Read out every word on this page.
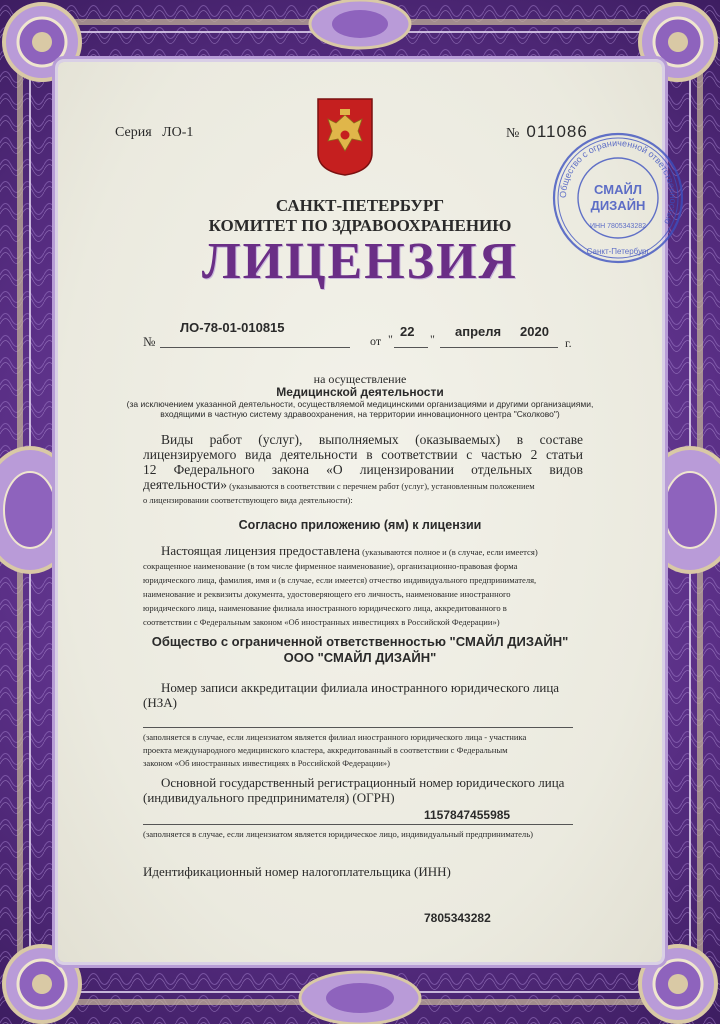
Серия ЛО-1	№ 011086
САНКТ-ПЕТЕРБУРГ
КОМИТЕТ ПО ЗДРАВООХРАНЕНИЮ
ЛИЦЕНЗИЯ
№
ЛО-78-01-010815
от " 22 " апреля 2020
г.
на осуществление
Медицинской деятельности
(за исключением указанной деятельности, осуществляемой медицинскими организациями и другими организациями, входящими в частную систему здравоохранения, на территории инновационного центра "Сколково")
Виды работ (услуг), выполняемых (оказываемых) в составе
лицензируемого вида деятельности в соответствии с частью 2 статьи
12 Федерального закона «О лицензировании отдельных видов
деятельности» (указываются в соответствии с перечнем работ (услуг), установленным положением
о лицензировании соответствующего вида деятельности):
Согласно приложению (ям) к лицензии
Настоящая лицензия предоставлена (указываются полное и (в случае, если имеется)
сокращенное наименование (в том числе фирменное наименование), организационно-правовая форма
юридического лица, фамилия, имя и (в случае, если имеется) отчество индивидуального предпринимателя,
наименование и реквизиты документа, удостоверяющего его личность, наименование иностранного
юридического лица, наименование филиала иностранного юридического лица, аккредитованного в
соответствии с Федеральным законом «Об иностранных инвестициях в Российской Федерации»)
Общество с ограниченной ответственностью "СМАЙЛ ДИЗАЙН"
ООО "СМАЙЛ ДИЗАЙН"
Номер записи аккредитации филиала иностранного юридического лица
(НЗА)
(заполняется в случае, если лицензиатом является филиал иностранного юридического лица - участника
проекта международного медицинского кластера, аккредитованный в соответствии с Федеральным
законом «Об иностранных инвестициях в Российской Федерации»)
Основной государственный регистрационный номер юридического лица
(индивидуального предпринимателя) (ОГРН)
1157847455985
(заполняется в случае, если лицензиатом является юридическое лицо, индивидуальный предприниматель)
Идентификационный номер налогоплательщика (ИНН)
7805343282
Общество с ограниченной ответственностью
СМАЙЛ
ДИЗАЙН
ИНН 7805343282
Санкт-Петербург
